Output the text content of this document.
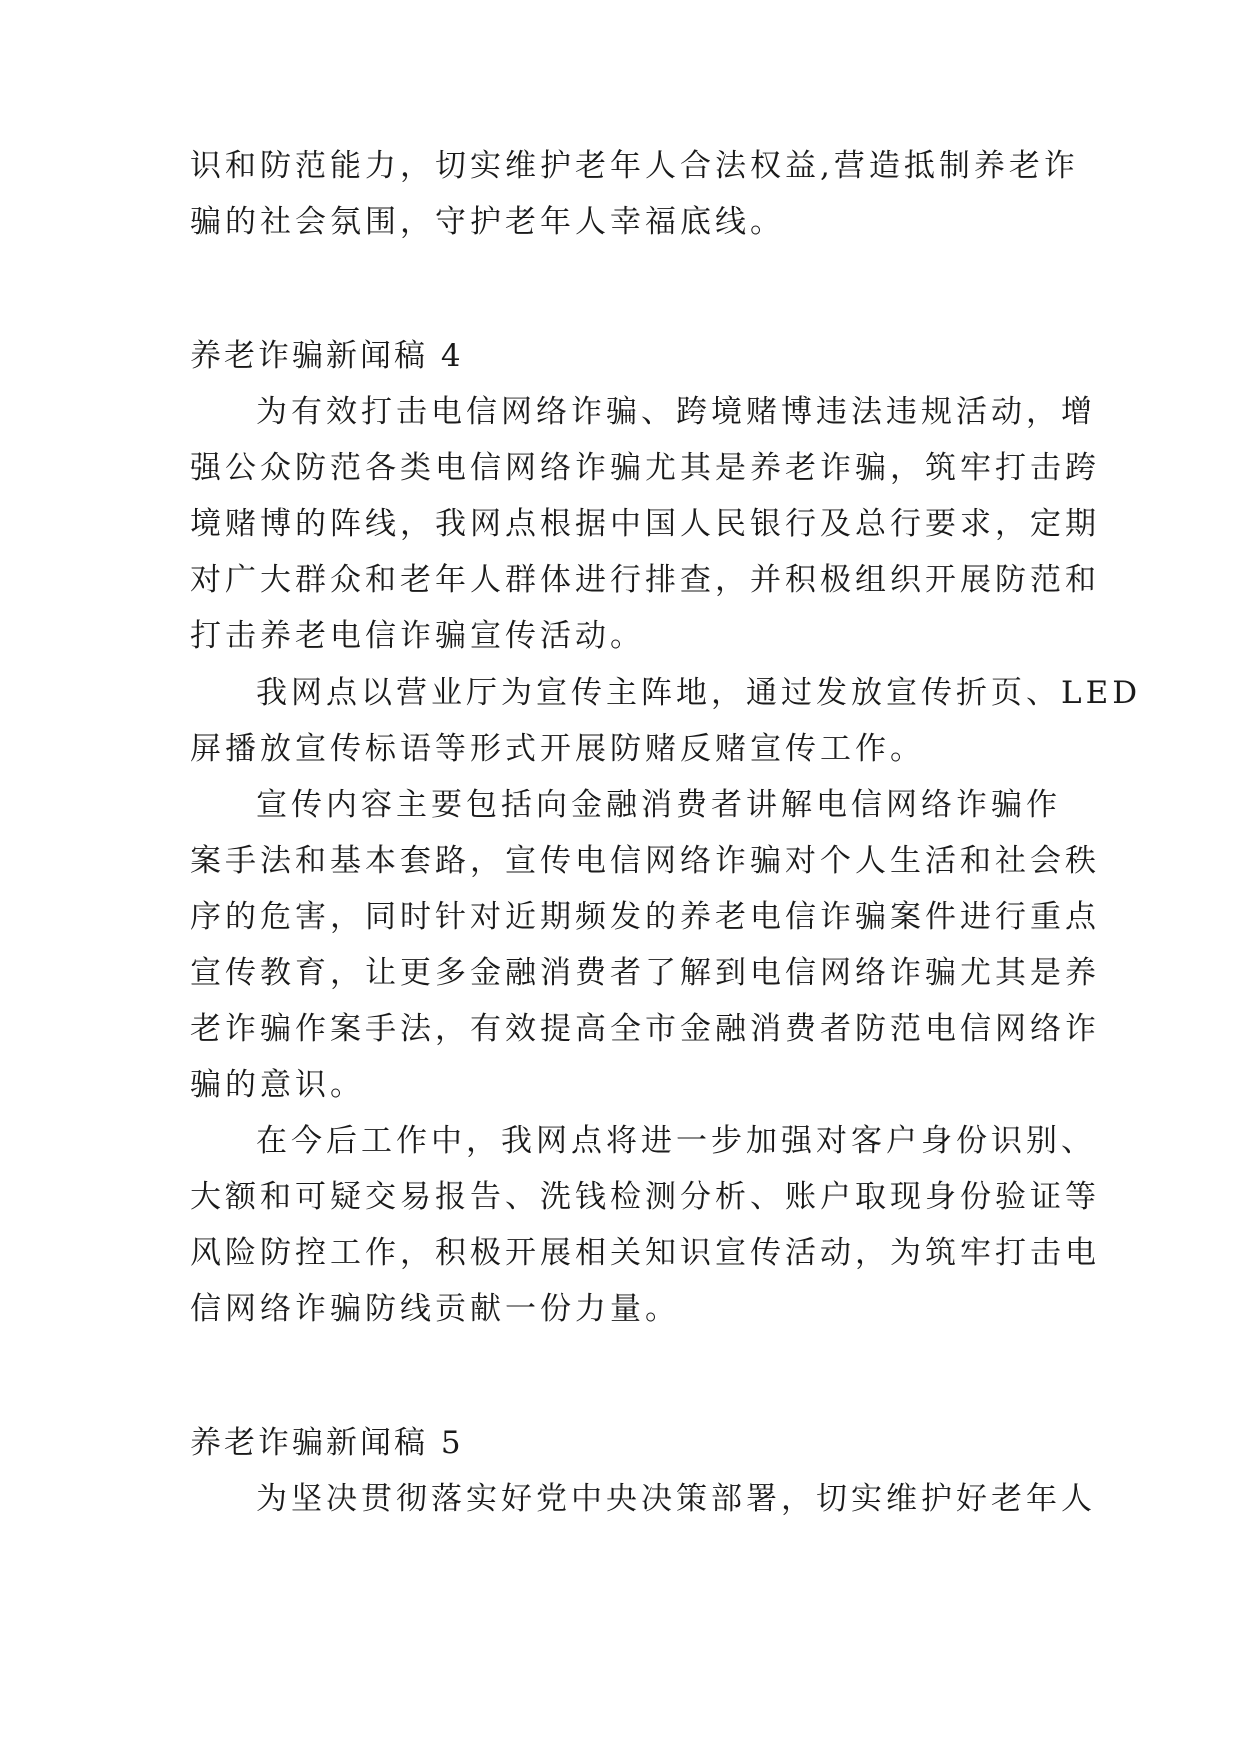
识和防范能力，切实维护老年人合法权益,营造抵制养老诈
骗的社会氛围，守护老年人幸福底线。
养老诈骗新闻稿 4
为有效打击电信网络诈骗、跨境赌博违法违规活动，增
强公众防范各类电信网络诈骗尤其是养老诈骗，筑牢打击跨
境赌博的阵线，我网点根据中国人民银行及总行要求，定期
对广大群众和老年人群体进行排查，并积极组织开展防范和
打击养老电信诈骗宣传活动。
我网点以营业厅为宣传主阵地，通过发放宣传折页、LED
屏播放宣传标语等形式开展防赌反赌宣传工作。
宣传内容主要包括向金融消费者讲解电信网络诈骗作
案手法和基本套路，宣传电信网络诈骗对个人生活和社会秩
序的危害，同时针对近期频发的养老电信诈骗案件进行重点
宣传教育，让更多金融消费者了解到电信网络诈骗尤其是养
老诈骗作案手法，有效提高全市金融消费者防范电信网络诈
骗的意识。
在今后工作中，我网点将进一步加强对客户身份识别、
大额和可疑交易报告、洗钱检测分析、账户取现身份验证等
风险防控工作，积极开展相关知识宣传活动，为筑牢打击电
信网络诈骗防线贡献一份力量。
养老诈骗新闻稿 5
为坚决贯彻落实好党中央决策部署，切实维护好老年人
